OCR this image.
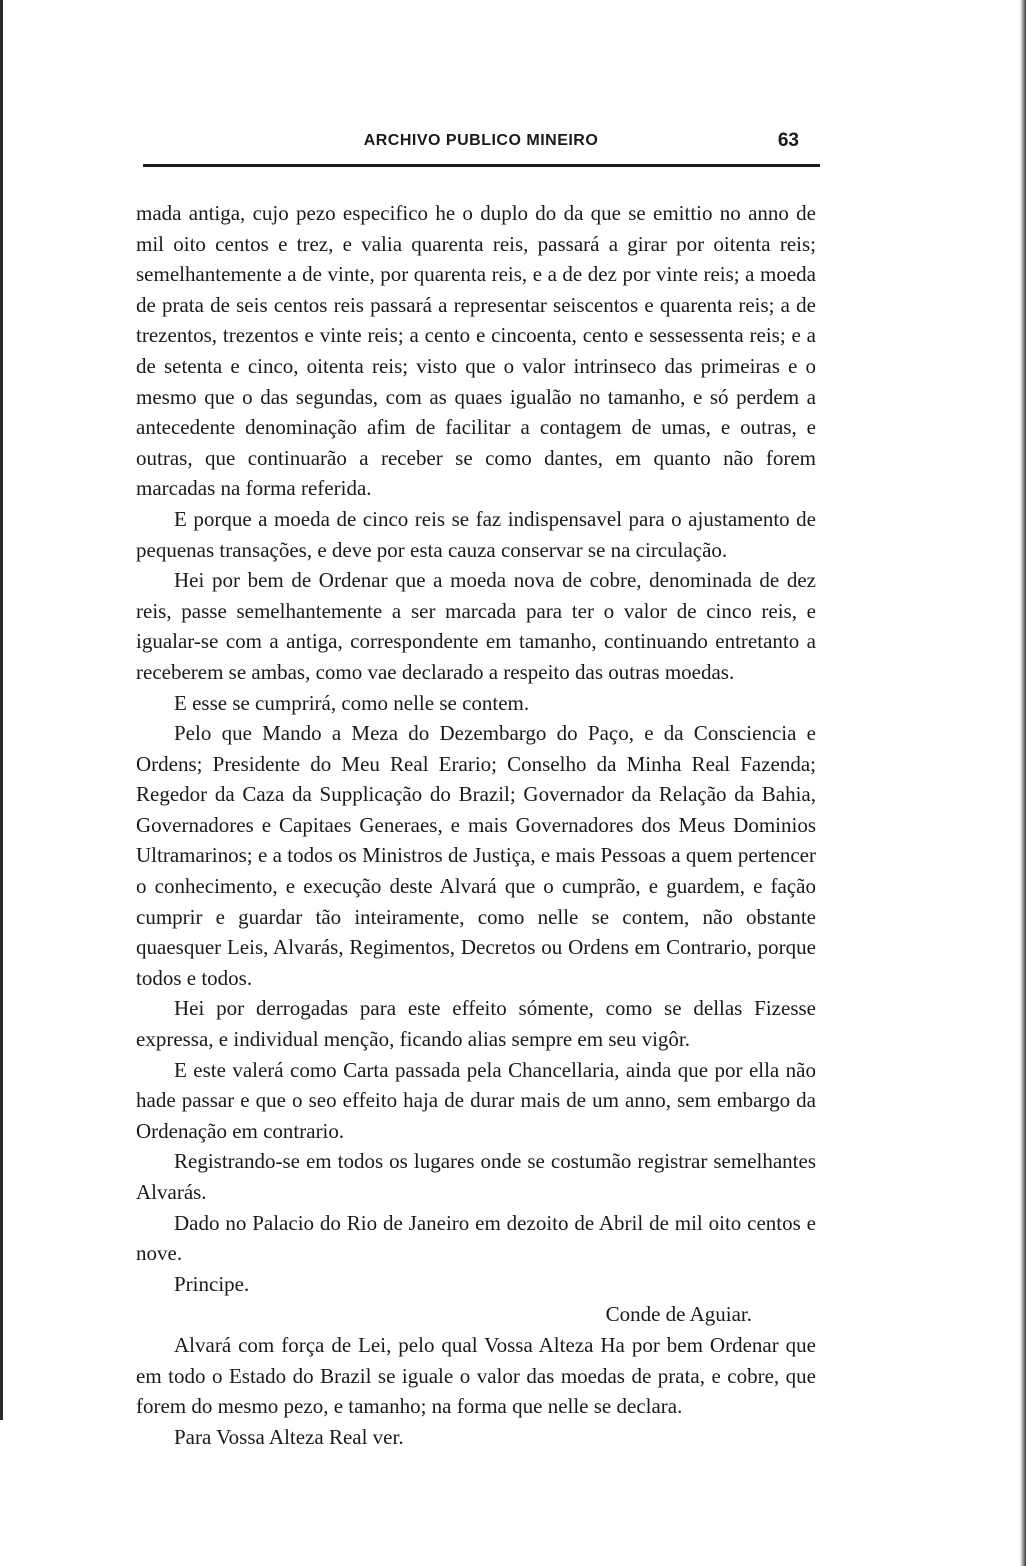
ARCHIVO PUBLICO MINEIRO	63

mada antiga, cujo pezo especifico he o duplo do da que se emittio no anno de mil oito centos e trez, e valia quarenta reis, passará a girar por oitenta reis; semelhantemente a de vinte, por quarenta reis, e a de dez por vinte reis; a moeda de prata de seis centos reis passará a representar seiscentos e quarenta reis; a de trezentos, trezentos e vinte reis; a cento e cincoenta, cento e sessessenta reis; e a de setenta e cinco, oitenta reis; visto que o valor intrinseco das primeiras e o mesmo que o das segundas, com as quaes igualão no tamanho, e só perdem a antecedente denominação afim de facilitar a contagem de umas, e outras, e outras, que continuarão a receber se como dantes, em quanto não forem marcadas na forma referida.

E porque a moeda de cinco reis se faz indispensavel para o ajustamento de pequenas transações, e deve por esta cauza conservar se na circulação.

Hei por bem de Ordenar que a moeda nova de cobre, denominada de dez reis, passe semelhantemente a ser marcada para ter o valor de cinco reis, e igualar-se com a antiga, correspondente em tamanho, continuando entretanto a receberem se ambas, como vae declarado a respeito das outras moedas.

E esse se cumprirá, como nelle se contem.

Pelo que Mando a Meza do Dezembargo do Paço, e da Consciencia e Ordens; Presidente do Meu Real Erario; Conselho da Minha Real Fazenda; Regedor da Caza da Supplicação do Brazil; Governador da Relação da Bahia, Governadores e Capitaes Generaes, e mais Governadores dos Meus Dominios Ultramarinos; e a todos os Ministros de Justiça, e mais Pessoas a quem pertencer o conhecimento, e execução deste Alvará que o cumprão, e guardem, e fação cumprir e guardar tão inteiramente, como nelle se contem, não obstante quaesquer Leis, Alvarás, Regimentos, Decretos ou Ordens em Contrario, porque todos e todos.

Hei por derrogadas para este effeito sómente, como se dellas Fizesse expressa, e individual menção, ficando alias sempre em seu vigôr.

E este valerá como Carta passada pela Chancellaria, ainda que por ella não hade passar e que o seo effeito haja de durar mais de um anno, sem embargo da Ordenação em contrario.

Registrando-se em todos os lugares onde se costumão registrar semelhantes Alvarás.

Dado no Palacio do Rio de Janeiro em dezoito de Abril de mil oito centos e nove.

Principe.

Conde de Aguiar.

Alvará com força de Lei, pelo qual Vossa Alteza Ha por bem Ordenar que em todo o Estado do Brazil se iguale o valor das moedas de prata, e cobre, que forem do mesmo pezo, e tamanho; na forma que nelle se declara.

Para Vossa Alteza Real ver.
